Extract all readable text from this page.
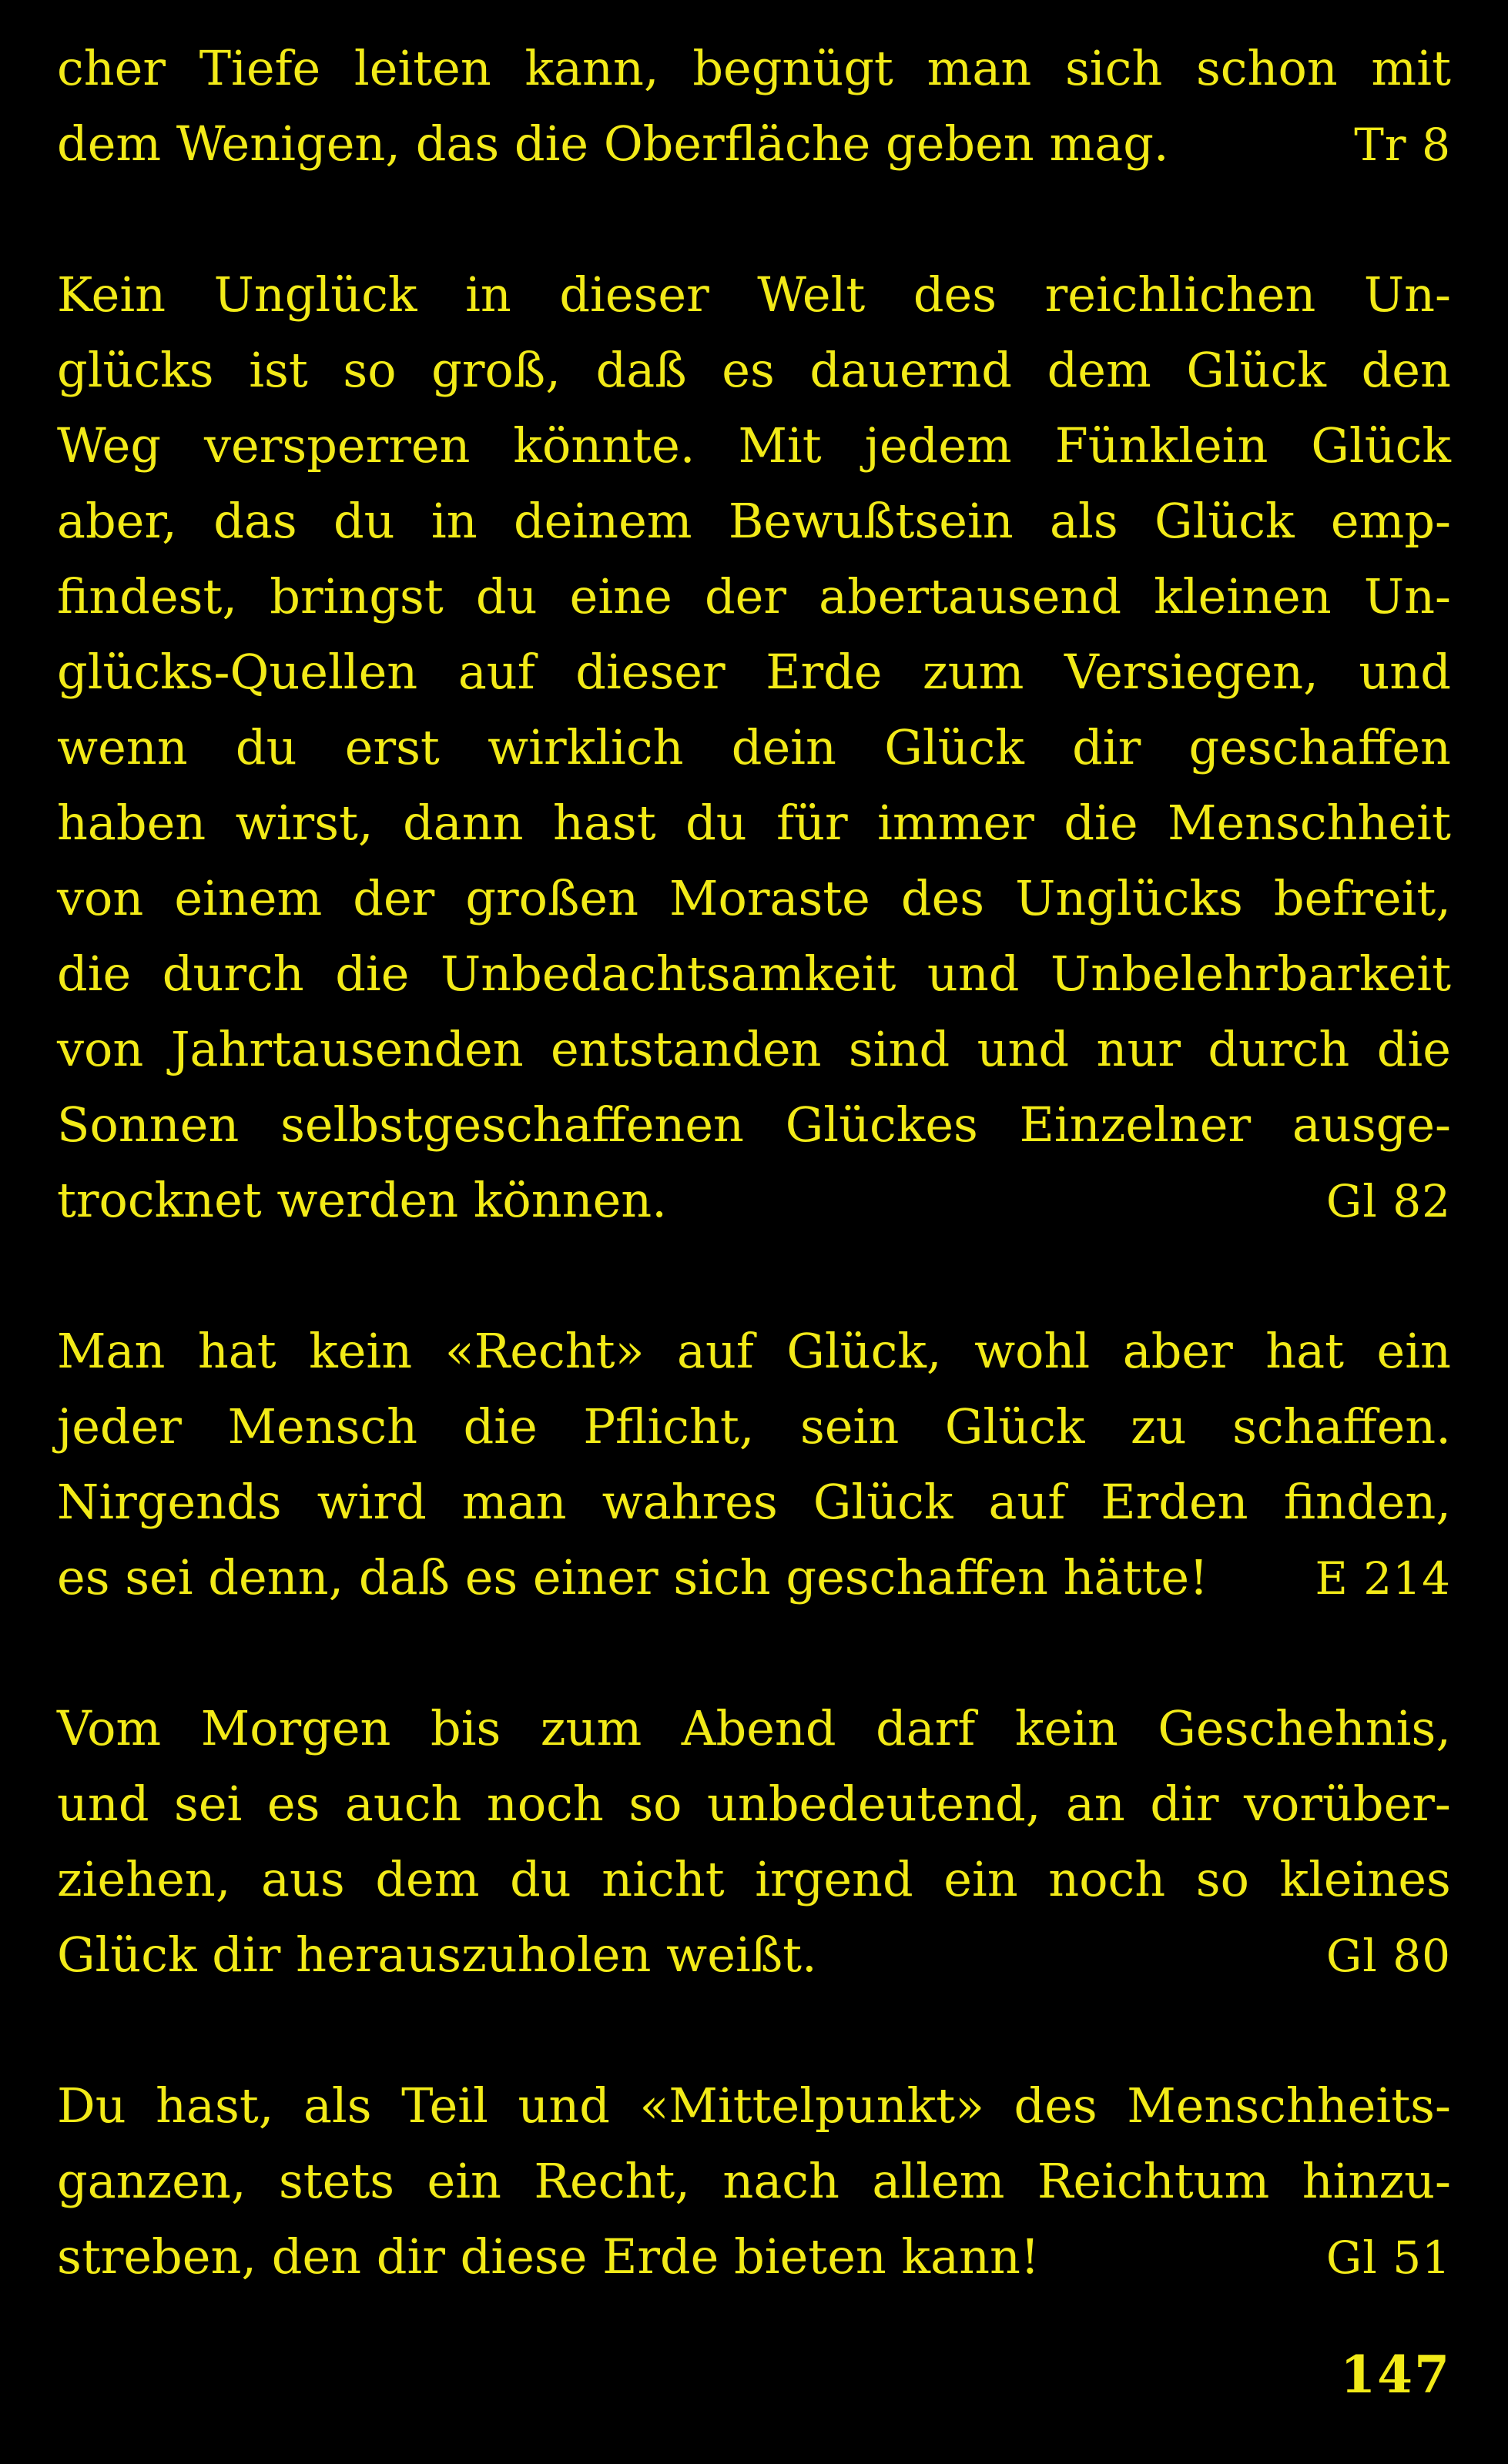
cher Tiefe leiten kann, begnügt man sich schon mit
dem Wenigen, das die Oberfläche geben mag.	Tr 8
Kein Unglück in dieser Welt des reichlichen Un-
glücks ist so groß, daß es dauernd dem Glück den
Weg versperren könnte. Mit jedem Fünklein Glück
aber, das du in deinem Bewußtsein als Glück emp-
findest, bringst du eine der abertausend kleinen Un-
glücks-Quellen auf dieser Erde zum Versiegen, und
wenn du erst wirklich dein Glück dir geschaffen
haben wirst, dann hast du für immer die Menschheit
von einem der großen Moraste des Unglücks befreit,
die durch die Unbedachtsamkeit und Unbelehrbarkeit
von Jahrtausenden entstanden sind und nur durch die
Sonnen selbstgeschaffenen Glückes Einzelner ausge-
trocknet werden können.	Gl 82
Man hat kein «Recht» auf Glück, wohl aber hat ein
jeder Mensch die Pflicht, sein Glück zu schaffen.
Nirgends wird man wahres Glück auf Erden finden,
es sei denn, daß es einer sich geschaffen hätte! E 214
Vom Morgen bis zum Abend darf kein Geschehnis,
und sei es auch noch so unbedeutend, an dir vorüber-
ziehen, aus dem du nicht irgend ein noch so kleines
Glück dir herauszuholen weißt.	Gl 80
Du hast, als Teil und «Mittelpunkt» des Menschheits-
ganzen, stets ein Recht, nach allem Reichtum hinzu-
streben, den dir diese Erde bieten kann!	Gl 51
147
